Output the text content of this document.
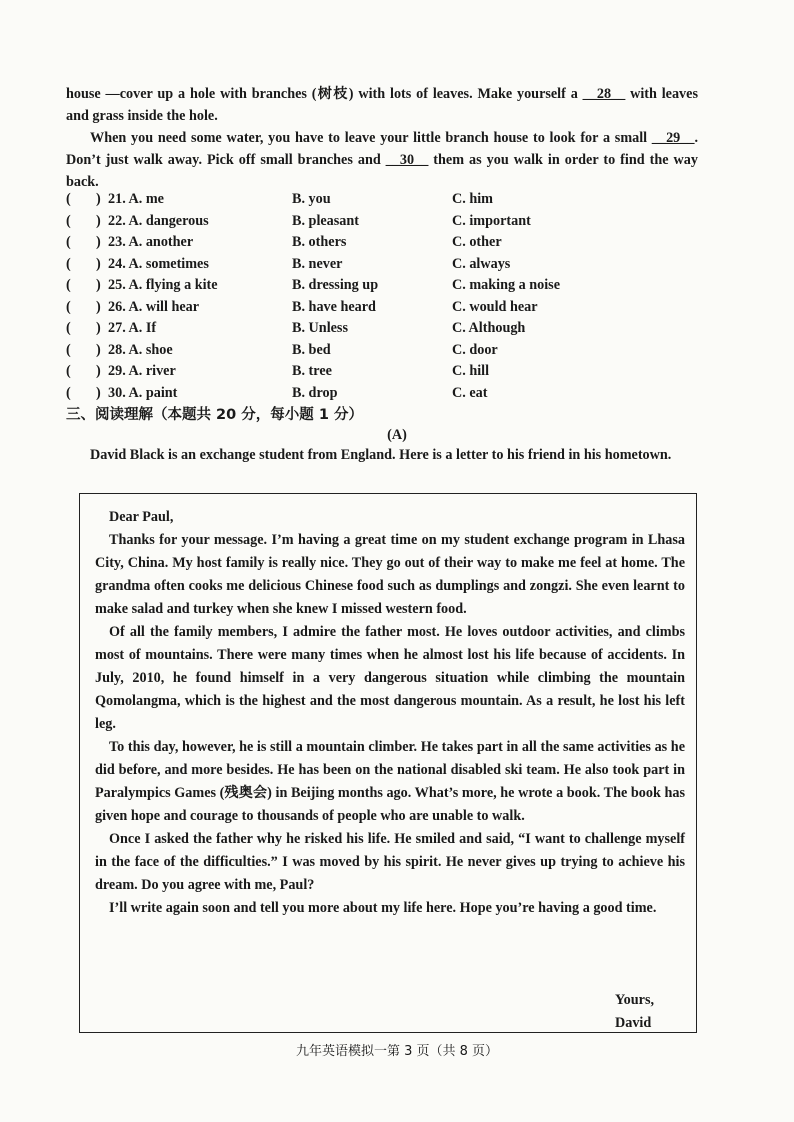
house —cover up a hole with branches (树枝) with lots of leaves. Make yourself a __28__ with leaves and grass inside the hole.
When you need some water, you have to leave your little branch house to look for a small __29__. Don’t just walk away. Pick off small branches and __30__ them as you walk in order to find the way back.
( ) 21. A. me	B. you	C. him
( ) 22. A. dangerous	B. pleasant	C. important
( ) 23. A. another	B. others	C. other
( ) 24. A. sometimes	B. never	C. always
( ) 25. A. flying a kite	B. dressing up	C. making a noise
( ) 26. A. will hear	B. have heard	C. would hear
( ) 27. A. If	B. Unless	C. Although
( ) 28. A. shoe	B. bed	C. door
( ) 29. A. river	B. tree	C. hill
( ) 30. A. paint	B. drop	C. eat
三、阅读理解（本题共 20 分，每小题 1 分）
(A)
David Black is an exchange student from England. Here is a letter to his friend in his hometown.

Dear Paul,

Thanks for your message. I’m having a great time on my student exchange program in Lhasa City, China. My host family is really nice. They go out of their way to make me feel at home. The grandma often cooks me delicious Chinese food such as dumplings and zongzi. She even learnt to make salad and turkey when she knew I missed western food.

Of all the family members, I admire the father most. He loves outdoor activities, and climbs most of mountains. There were many times when he almost lost his life because of accidents. In July, 2010, he found himself in a very dangerous situation while climbing the mountain Qomolangma, which is the highest and the most dangerous mountain. As a result, he lost his left leg.

To this day, however, he is still a mountain climber. He takes part in all the same activities as he did before, and more besides. He has been on the national disabled ski team. He also took part in Paralympics Games (残奥会) in Beijing months ago. What’s more, he wrote a book. The book has given hope and courage to thousands of people who are unable to walk.

Once I asked the father why he risked his life. He smiled and said, “I want to challenge myself in the face of the difficulties.” I was moved by his spirit. He never gives up trying to achieve his dream. Do you agree with me, Paul?

I’ll write again soon and tell you more about my life here. Hope you’re having a good time.

Yours,
David
九年英语模拟一第 3 页（共 8 页）
